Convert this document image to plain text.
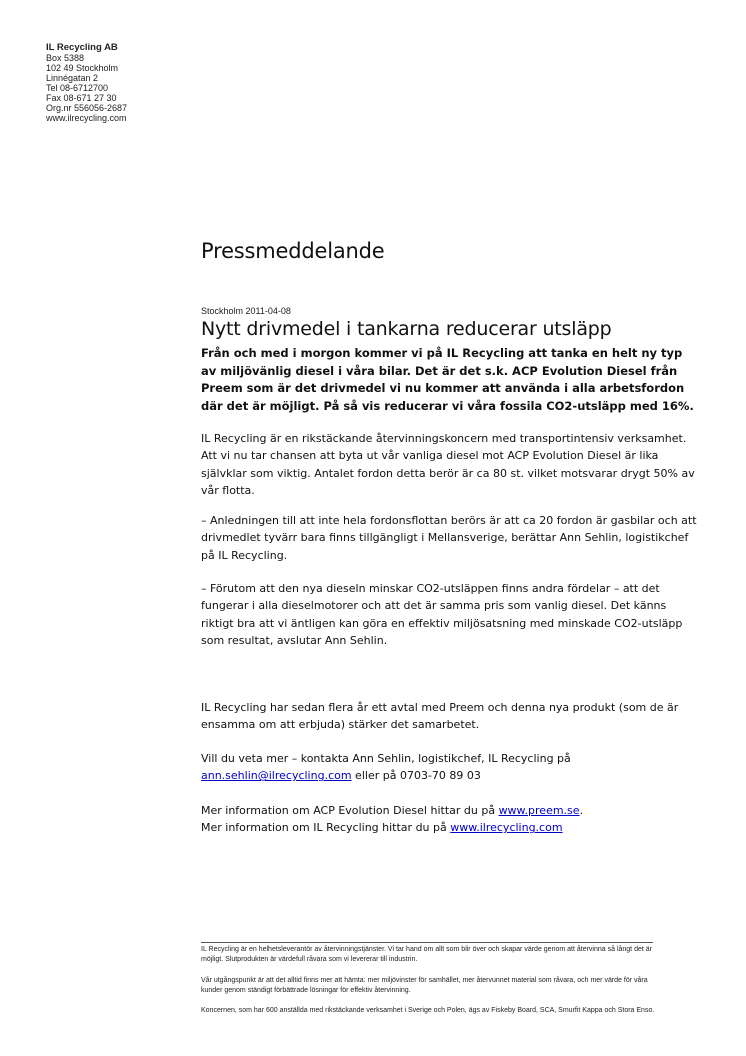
IL Recycling AB
Box 5388
102 49 Stockholm
Linnégatan 2
Tel 08-6712700
Fax 08-671 27 30
Org.nr 556056-2687
www.ilrecycling.com
Pressmeddelande
Stockholm 2011-04-08
Nytt drivmedel i tankarna reducerar utsläpp
Från och med i morgon kommer vi på IL Recycling att tanka en helt ny typ av miljövänlig diesel i våra bilar. Det är det s.k. ACP Evolution Diesel från Preem som är det drivmedel vi nu kommer att använda i alla arbetsfordon där det är möjligt. På så vis reducerar vi våra fossila CO2-utsläpp med 16%.
IL Recycling är en rikstäckande återvinningskoncern med transportintensiv verksamhet. Att vi nu tar chansen att byta ut vår vanliga diesel mot ACP Evolution Diesel är lika självklar som viktig. Antalet fordon detta berör är ca 80 st. vilket motsvarar drygt 50% av vår flotta.
– Anledningen till att inte hela fordonsflottan berörs är att ca 20 fordon är gasbilar och att drivmedlet tyvärr bara finns tillgängligt i Mellansverige, berättar Ann Sehlin, logistikchef på IL Recycling.
– Förutom att den nya dieseln minskar CO2-utsläppen finns andra fördelar – att det fungerar i alla dieselmotorer och att det är samma pris som vanlig diesel. Det känns riktigt bra att vi äntligen kan göra en effektiv miljösatsning med minskade CO2-utsläpp som resultat, avslutar Ann Sehlin.
IL Recycling har sedan flera år ett avtal med Preem och denna nya produkt (som de är ensamma om att erbjuda) stärker det samarbetet.
Vill du veta mer – kontakta Ann Sehlin, logistikchef, IL Recycling på
ann.sehlin@ilrecycling.com eller på 0703-70 89 03
Mer information om ACP Evolution Diesel hittar du på www.preem.se.
Mer information om IL Recycling hittar du på www.ilrecycling.com
IL Recycling är en helhetsleverantör av återvinningstjänster. Vi tar hand om allt som blir över och skapar värde genom att återvinna så långt det är möjligt. Slutprodukten är värdefull råvara som vi levererar till industrin.
Vår utgångspunkt är att det alltid finns mer att hämta: mer miljövinster för samhället, mer återvunnet material som råvara, och mer värde för våra kunder genom ständigt förbättrade lösningar för effektiv återvinning.
Koncernen, som har 600 anställda med rikstäckande verksamhet i Sverige och Polen, ägs av Fiskeby Board, SCA, Smurfit Kappa och Stora Enso.
